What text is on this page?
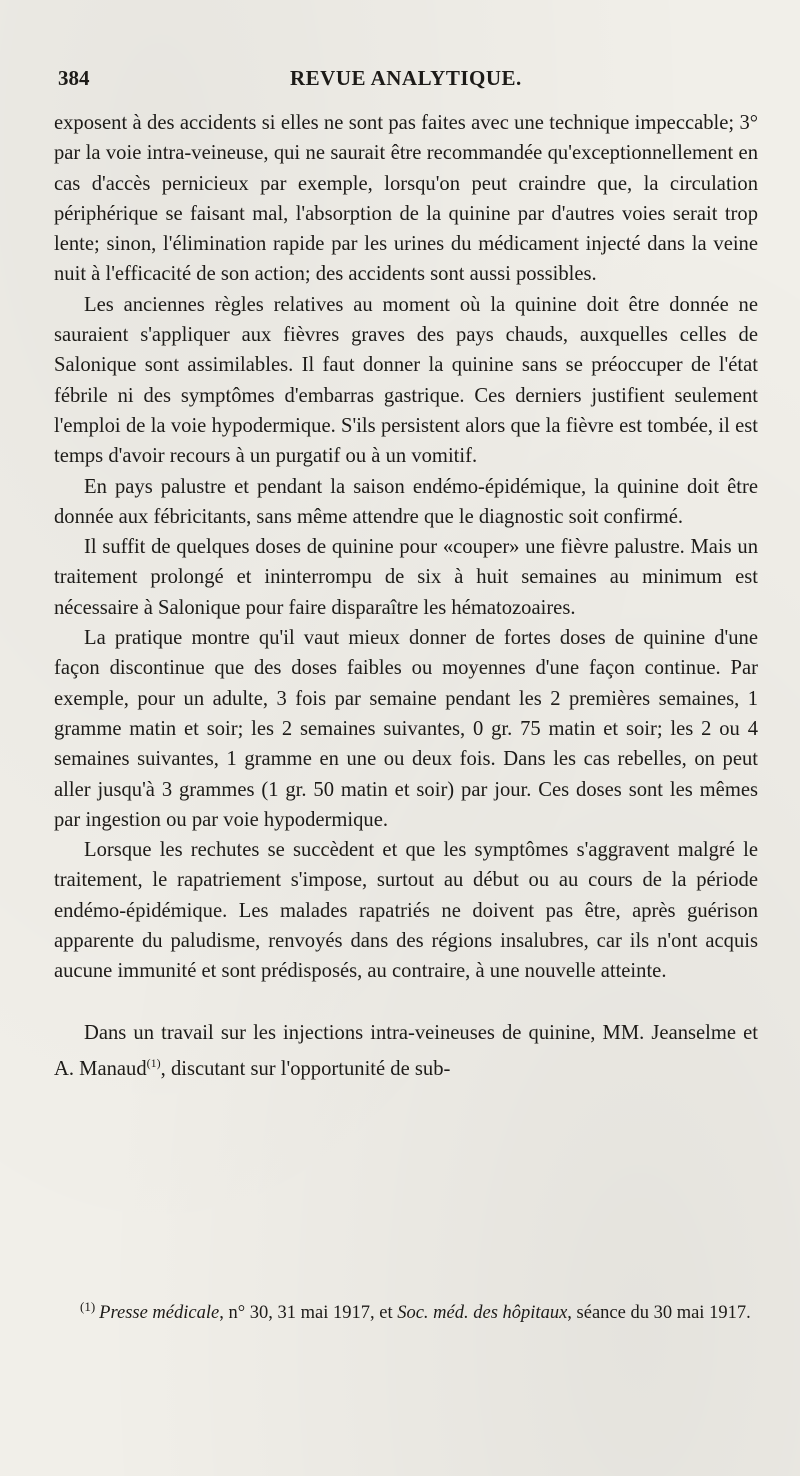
384	REVUE ANALYTIQUE.

exposent à des accidents si elles ne sont pas faites avec une technique impeccable; 3° par la voie intra-veineuse, qui ne saurait être recommandée qu'exceptionnellement en cas d'accès pernicieux par exemple, lorsqu'on peut craindre que, la circulation périphérique se faisant mal, l'absorption de la quinine par d'autres voies serait trop lente; sinon, l'élimination rapide par les urines du médicament injecté dans la veine nuit à l'efficacité de son action; des accidents sont aussi possibles.

Les anciennes règles relatives au moment où la quinine doit être donnée ne sauraient s'appliquer aux fièvres graves des pays chauds, auxquelles celles de Salonique sont assimilables. Il faut donner la quinine sans se préoccuper de l'état fébrile ni des symptômes d'embarras gastrique. Ces derniers justifient seulement l'emploi de la voie hypodermique. S'ils persistent alors que la fièvre est tombée, il est temps d'avoir recours à un purgatif ou à un vomitif.

En pays palustre et pendant la saison endémo-épidémique, la quinine doit être donnée aux fébricitants, sans même attendre que le diagnostic soit confirmé.

Il suffit de quelques doses de quinine pour «couper» une fièvre palustre. Mais un traitement prolongé et ininterrompu de six à huit semaines au minimum est nécessaire à Salonique pour faire disparaître les hématozoaires.

La pratique montre qu'il vaut mieux donner de fortes doses de quinine d'une façon discontinue que des doses faibles ou moyennes d'une façon continue. Par exemple, pour un adulte, 3 fois par semaine pendant les 2 premières semaines, 1 gramme matin et soir; les 2 semaines suivantes, 0 gr. 75 matin et soir; les 2 ou 4 semaines suivantes, 1 gramme en une ou deux fois. Dans les cas rebelles, on peut aller jusqu'à 3 grammes (1 gr. 50 matin et soir) par jour. Ces doses sont les mêmes par ingestion ou par voie hypodermique.

Lorsque les rechutes se succèdent et que les symptômes s'aggravent malgré le traitement, le rapatriement s'impose, surtout au début ou au cours de la période endémo-épidémique. Les malades rapatriés ne doivent pas être, après guérison apparente du paludisme, renvoyés dans des régions insalubres, car ils n'ont acquis aucune immunité et sont prédisposés, au contraire, à une nouvelle atteinte.

Dans un travail sur les injections intra-veineuses de quinine, MM. Jeanselme et A. Manaud$^{(1)}$, discutant sur l'opportunité de sub-

$^{(1)}$ Presse médicale, n° 30, 31 mai 1917, et Soc. méd. des hôpitaux, séance du 30 mai 1917.
